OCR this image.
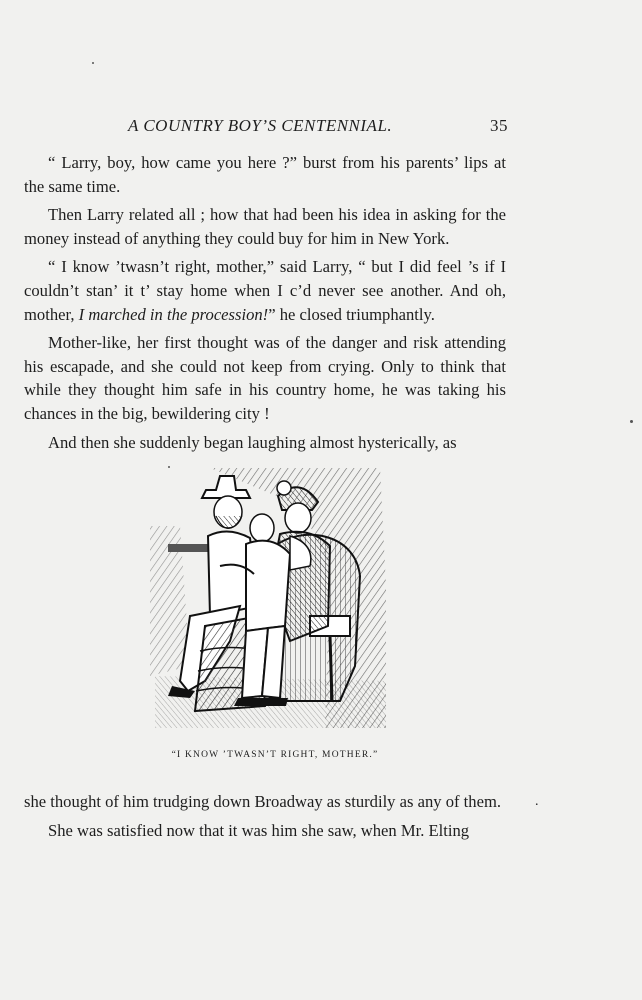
A COUNTRY BOY’S CENTENNIAL.	35

“ Larry, boy, how came you here ?” burst from his parents’ lips at the same time.

Then Larry related all ; how that had been his idea in asking for the money instead of anything they could buy for him in New York.

“ I know ’twasn’t right, mother,” said Larry, “ but I did feel ’s if I couldn’t stan’ it t’ stay home when I c’d never see another. And oh, mother, I marched in the procession!” he closed triumphantly.

Mother-like, her first thought was of the danger and risk attending his escapade, and she could not keep from crying. Only to think that while they thought him safe in his country home, he was taking his chances in the big, bewildering city !

And then she suddenly began laughing almost hysterically, as

“I KNOW ’TWASN’T RIGHT, MOTHER.”

she thought of him trudging down Broadway as sturdily as any of them.

She was satisfied now that it was him she saw, when Mr. Elting

.
